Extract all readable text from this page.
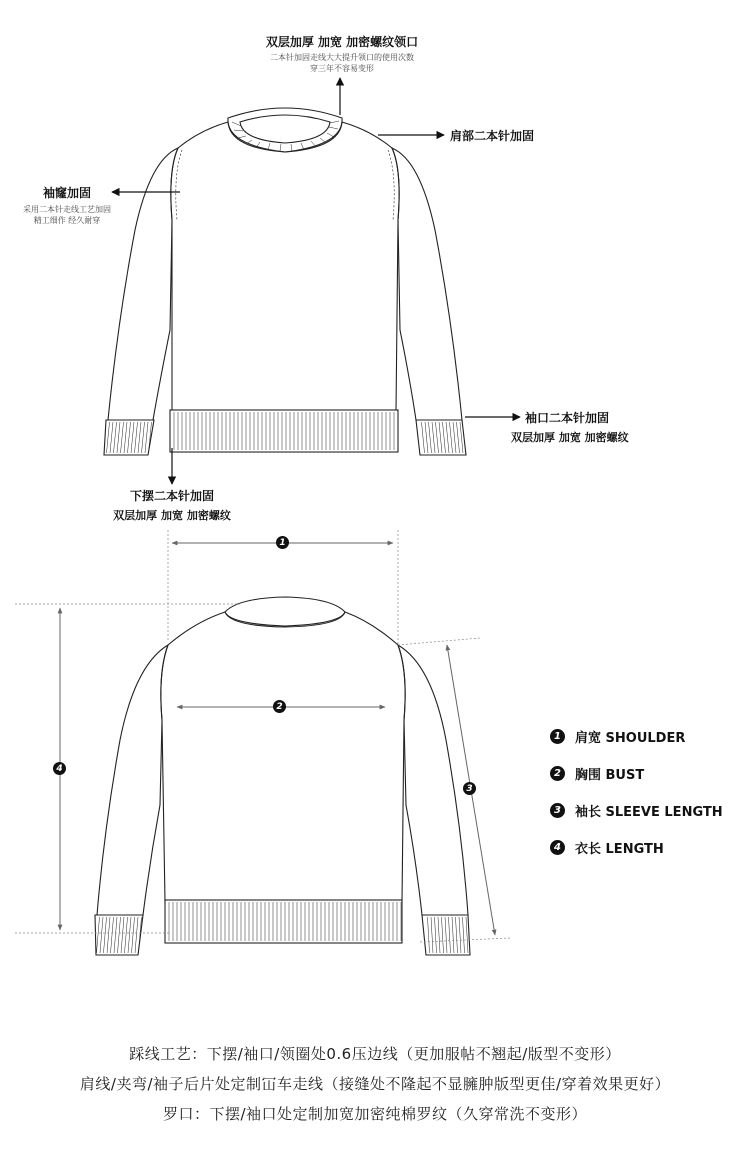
1
2
3
4
双层加厚 加宽 加密螺纹领口
二本针加固走线大大提升领口的使用次数
穿三年不容易变形
肩部二本针加固
袖窿加固
采用二本针走线工艺加固
精工细作 经久耐穿
袖口二本针加固
双层加厚 加宽 加密螺纹
下摆二本针加固
双层加厚 加宽 加密螺纹
1	肩宽 SHOULDER
2	胸围 BUST
3	袖长 SLEEVE LENGTH
4	衣长 LENGTH
踩线工艺：下摆/袖口/领圈处0.6压边线（更加服帖不翘起/版型不变形）
肩线/夹弯/袖子后片处定制冚车走线（接缝处不隆起不显臃肿版型更佳/穿着效果更好）
罗口：下摆/袖口处定制加宽加密纯棉罗纹（久穿常洗不变形）
